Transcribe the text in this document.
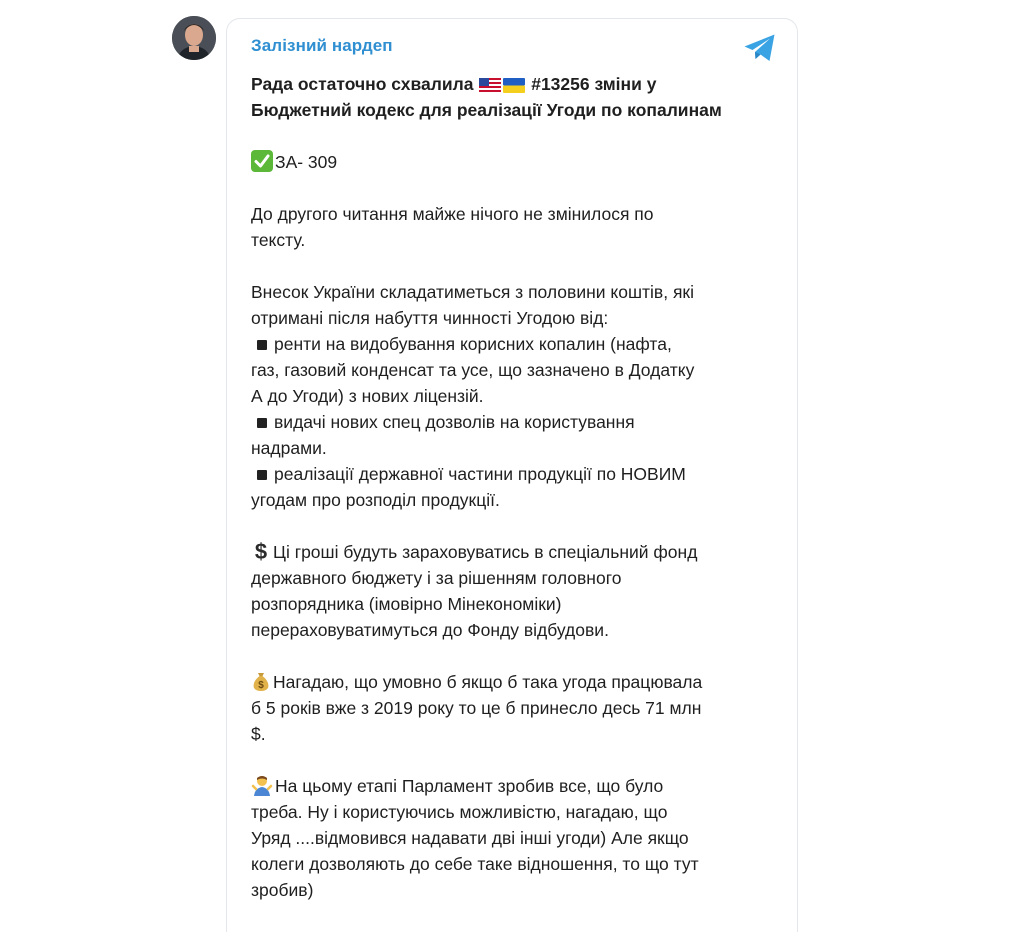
Залізний нардеп

Рада остаточно схвалила	#13256 зміни у
Бюджетний кодекс для реалізації Угоди по копалинам

ЗА- 309

До другого читання майже нічого не змінилося по
тексту.

Внесок України складатиметься з половини коштів, які
отримані після набуття чинності Угодою від:

ренти на видобування корисних копалин (нафта,
газ, газовий конденсат та усе, що зазначено в Додатку
А до Угоди) з нових ліцензій.

видачі нових спец дозволів на користування
надрами.

реалізації державної частини продукції по НОВИМ
угодам про розподіл продукції.

$ Ці гроші будуть зараховуватись в спеціальний фонд
державного бюджету і за рішенням головного
розпорядника (імовірно Мінекономіки)
перераховуватимуться до Фонду відбудови.

$ Нагадаю, що умовно б якщо б така угода працювала
б 5 років вже з 2019 року то це б принесло десь 71 млн
$.

На цьому етапі Парламент зробив все, що було
треба. Ну і користуючись можливістю, нагадаю, що
Уряд ....відмовився надавати дві інші угоди) Але якщо
колеги дозволяють до себе таке відношення, то що тут
зробив)
